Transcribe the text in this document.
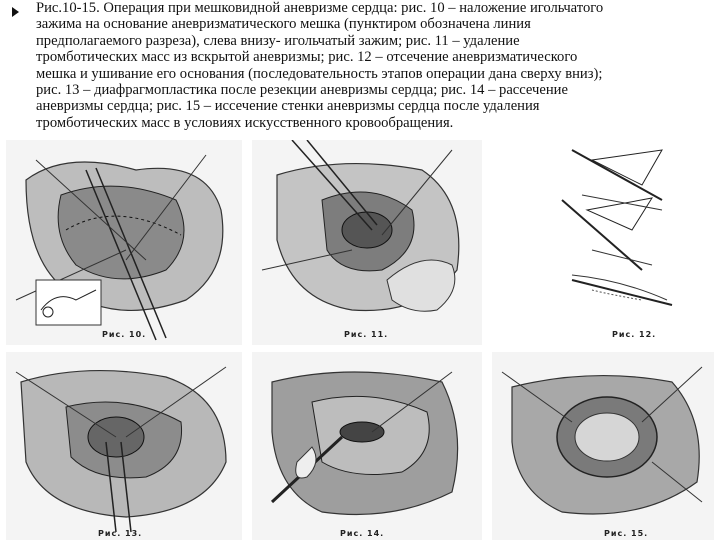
Рис.10-15. Операция при мешковидной аневризме сердца: рис. 10 – наложение игольчатого
зажима на основание аневризматического мешка (пунктиром обозначена линия
предполагаемого разреза), слева внизу- игольчатый зажим; рис. 11 – удаление
тромботических масс из вскрытой аневризмы; рис. 12 – отсечение аневризматического
мешка и ушивание его основания (последовательность этапов операции дана сверху вниз);
рис. 13 – диафрагмопластика после резекции аневризмы сердца; рис. 14 – рассечение
аневризмы сердца; рис. 15 – иссечение стенки аневризмы сердца после удаления
тромботических масс в условиях искусственного кровообращения.

Рис. 10.	Рис. 11.	Рис. 12.
Рис. 13.	Рис. 14.	Рис. 15.
